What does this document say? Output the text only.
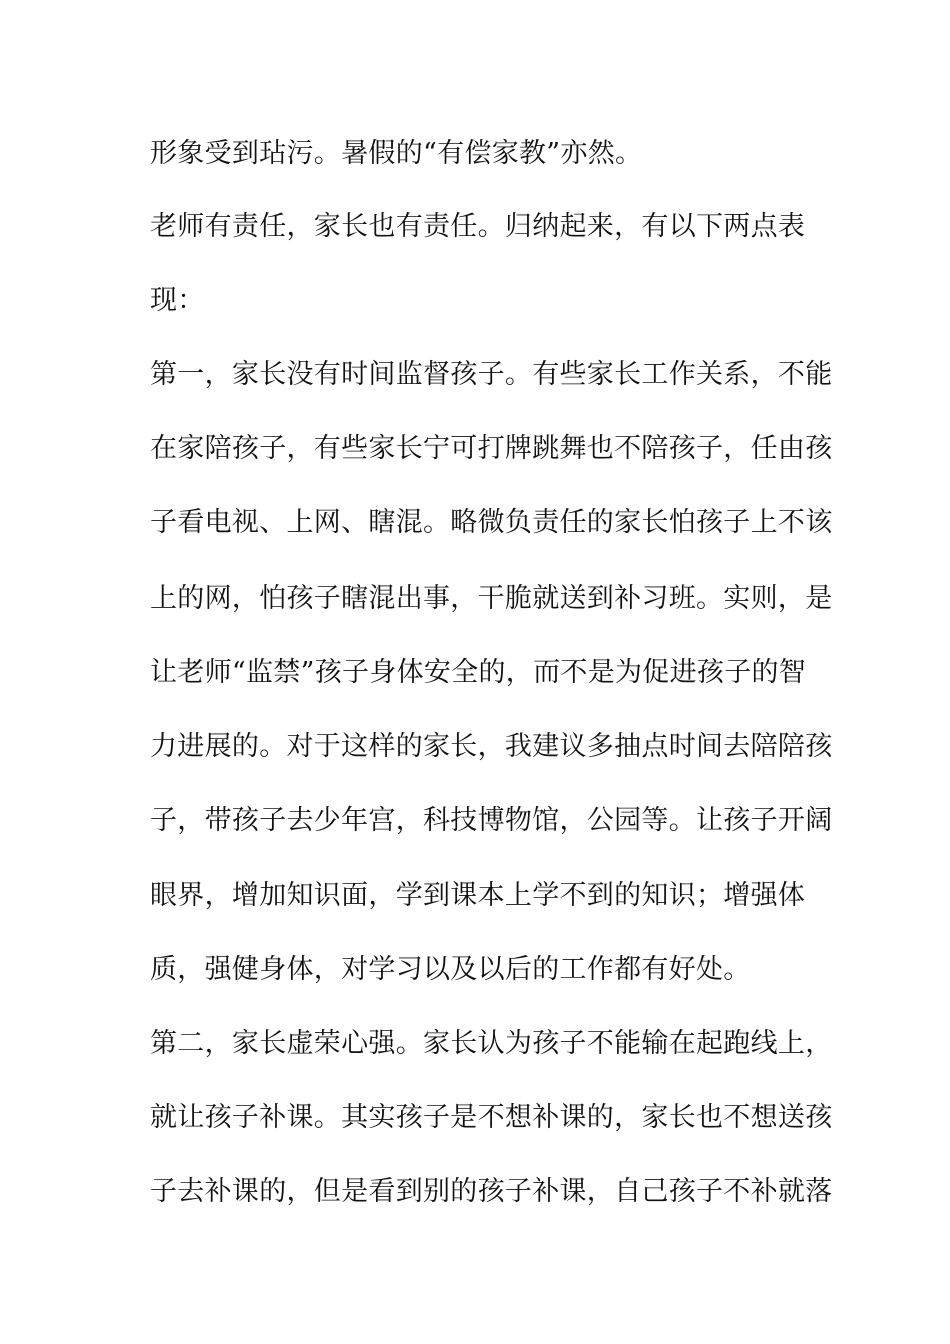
形象受到玷污。暑假的“有偿家教”亦然。
老师有责任，家长也有责任。归纳起来，有以下两点表
现：
第一，家长没有时间监督孩子。有些家长工作关系，不能
在家陪孩子，有些家长宁可打牌跳舞也不陪孩子，任由孩
子看电视、上网、瞎混。略微负责任的家长怕孩子上不该
上的网，怕孩子瞎混出事，干脆就送到补习班。实则，是
让老师“监禁”孩子身体安全的，而不是为促进孩子的智
力进展的。对于这样的家长，我建议多抽点时间去陪陪孩
子，带孩子去少年宫，科技博物馆，公园等。让孩子开阔
眼界，增加知识面，学到课本上学不到的知识；增强体
质，强健身体，对学习以及以后的工作都有好处。
第二，家长虚荣心强。家长认为孩子不能输在起跑线上，
就让孩子补课。其实孩子是不想补课的，家长也不想送孩
子去补课的，但是看到别的孩子补课，自己孩子不补就落
